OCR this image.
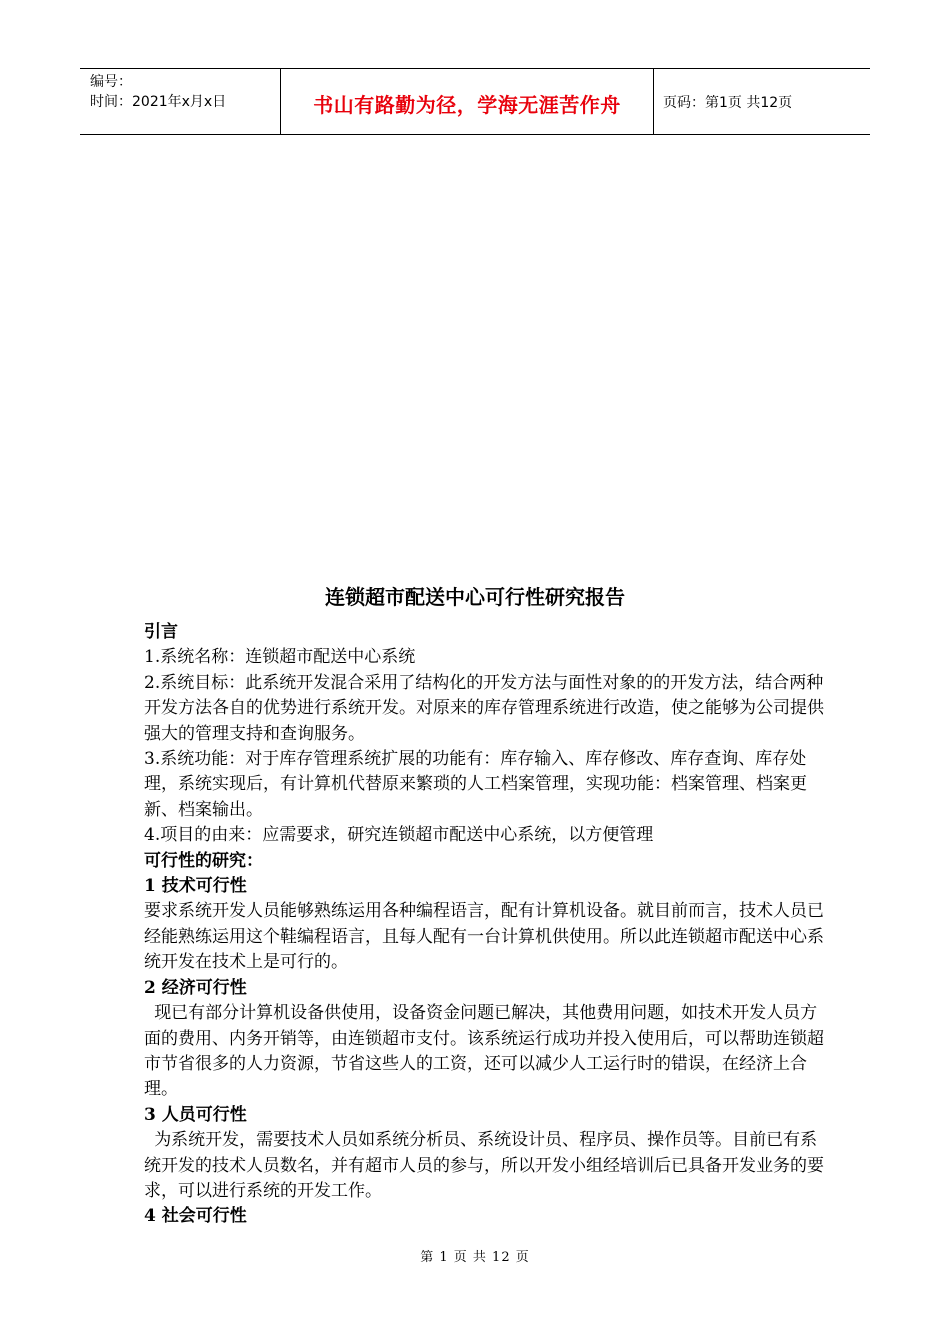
编号：
时间：2021年x月x日	书山有路勤为径，学海无涯苦作舟	页码：第1页 共12页
连锁超市配送中心可行性研究报告

引言

1.系统名称：连锁超市配送中心系统

2.系统目标：此系统开发混合采用了结构化的开发方法与面性对象的的开发方法，结合两种开发方法各自的优势进行系统开发。对原来的库存管理系统进行改造，使之能够为公司提供强大的管理支持和查询服务。

3.系统功能：对于库存管理系统扩展的功能有：库存输入、库存修改、库存查询、库存处理，系统实现后，有计算机代替原来繁琐的人工档案管理，实现功能：档案管理、档案更新、档案输出。

4.项目的由来：应需要求，研究连锁超市配送中心系统，以方便管理

可行性的研究：

1 技术可行性

要求系统开发人员能够熟练运用各种编程语言，配有计算机设备。就目前而言，技术人员已经能熟练运用这个鞋编程语言，且每人配有一台计算机供使用。所以此连锁超市配送中心系统开发在技术上是可行的。

2 经济可行性

现已有部分计算机设备供使用，设备资金问题已解决，其他费用问题，如技术开发人员方面的费用、内务开销等，由连锁超市支付。该系统运行成功并投入使用后，可以帮助连锁超市节省很多的人力资源，节省这些人的工资，还可以减少人工运行时的错误，在经济上合理。

3 人员可行性

为系统开发，需要技术人员如系统分析员、系统设计员、程序员、操作员等。目前已有系统开发的技术人员数名，并有超市人员的参与，所以开发小组经培训后已具备开发业务的要求，可以进行系统的开发工作。

4 社会可行性

第 1 页 共 12 页
